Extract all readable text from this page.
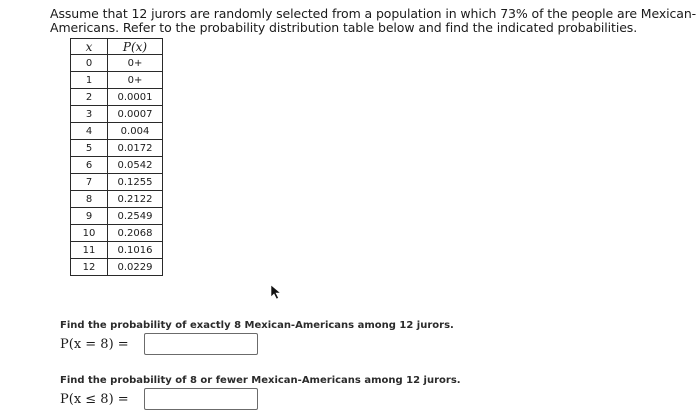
Assume that 12 jurors are randomly selected from a population in which 73% of the people are Mexican-
Americans. Refer to the probability distribution table below and find the indicated probabilities.
x	P(x)
0	0+
1	0+
2	0.0001
3	0.0007
4	0.004
5	0.0172
6	0.0542
7	0.1255
8	0.2122
9	0.2549
10	0.2068
11	0.1016
12	0.0229
Find the probability of exactly 8 Mexican-Americans among 12 jurors.
P(x = 8) =
Find the probability of 8 or fewer Mexican-Americans among 12 jurors.
P(x ≤ 8) =
